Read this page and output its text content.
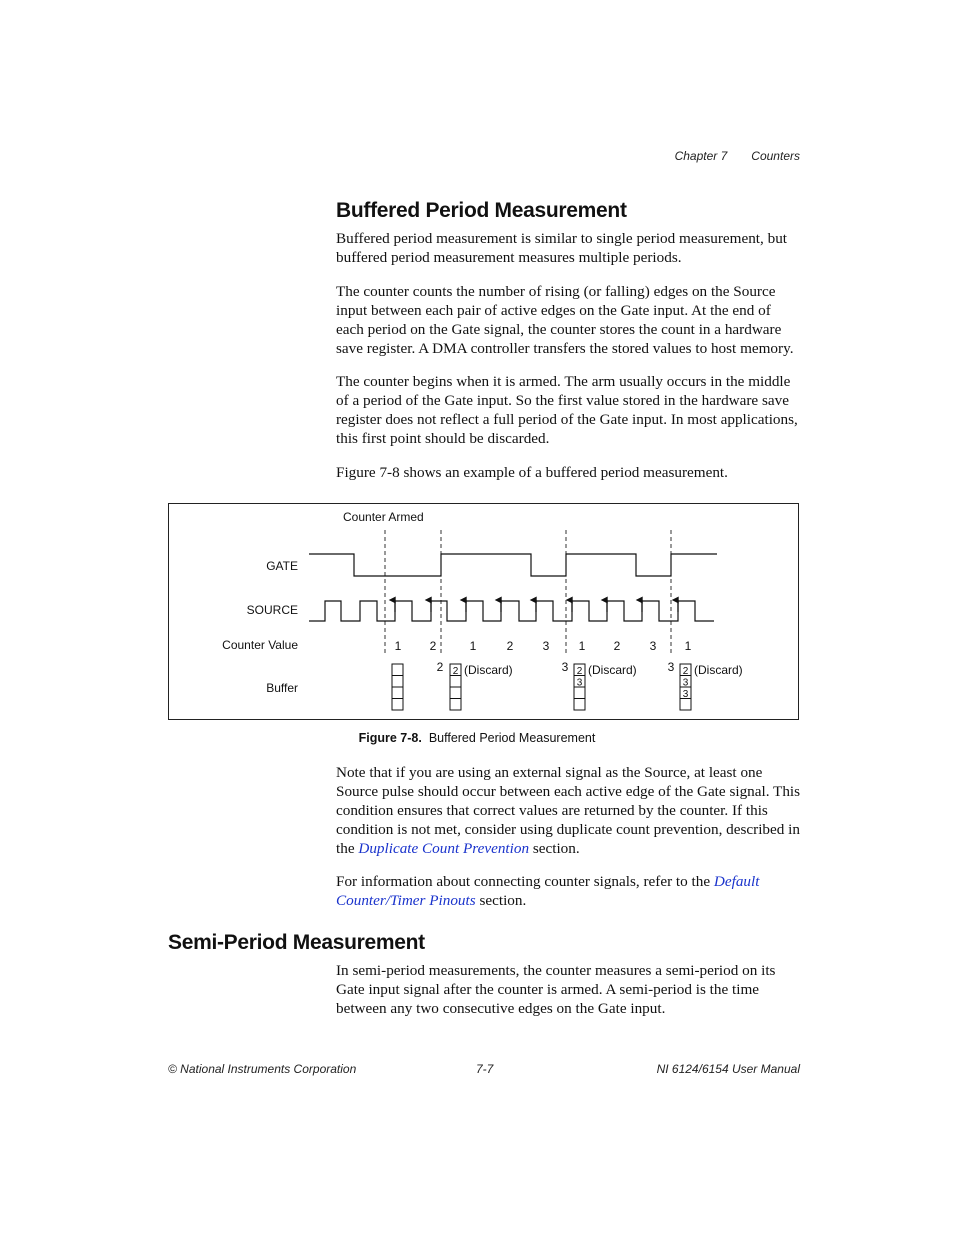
Chapter 7 Counters
Buffered Period Measurement

Buffered period measurement is similar to single period measurement, but buffered period measurement measures multiple periods.

The counter counts the number of rising (or falling) edges on the Source input between each pair of active edges on the Gate input. At the end of each period on the Gate signal, the counter stores the count in a hardware save register. A DMA controller transfers the stored values to host memory.

The counter begins when it is armed. The arm usually occurs in the middle of a period of the Gate input. So the first value stored in the hardware save register does not reflect a full period of the Gate input. In most applications, this first point should be discarded.

Figure 7-8 shows an example of a buffered period measurement.

Counter Armed
GATE
SOURCE
Counter Value
Buffer
1 2	1	2 3 1 2 3 1
2	3	3
2	2
3
2
3
3
(Discard)	(Discard)	(Discard)
Figure 7-8. Buffered Period Measurement

Note that if you are using an external signal as the Source, at least one Source pulse should occur between each active edge of the Gate signal. This condition ensures that correct values are returned by the counter. If this condition is not met, consider using duplicate count prevention, described in the Duplicate Count Prevention section.

For information about connecting counter signals, refer to the Default Counter/Timer Pinouts section.

Semi-Period Measurement

In semi-period measurements, the counter measures a semi-period on its Gate input signal after the counter is armed. A semi-period is the time between any two consecutive edges on the Gate input.

© National Instruments Corporation	7-7	NI 6124/6154 User Manual
